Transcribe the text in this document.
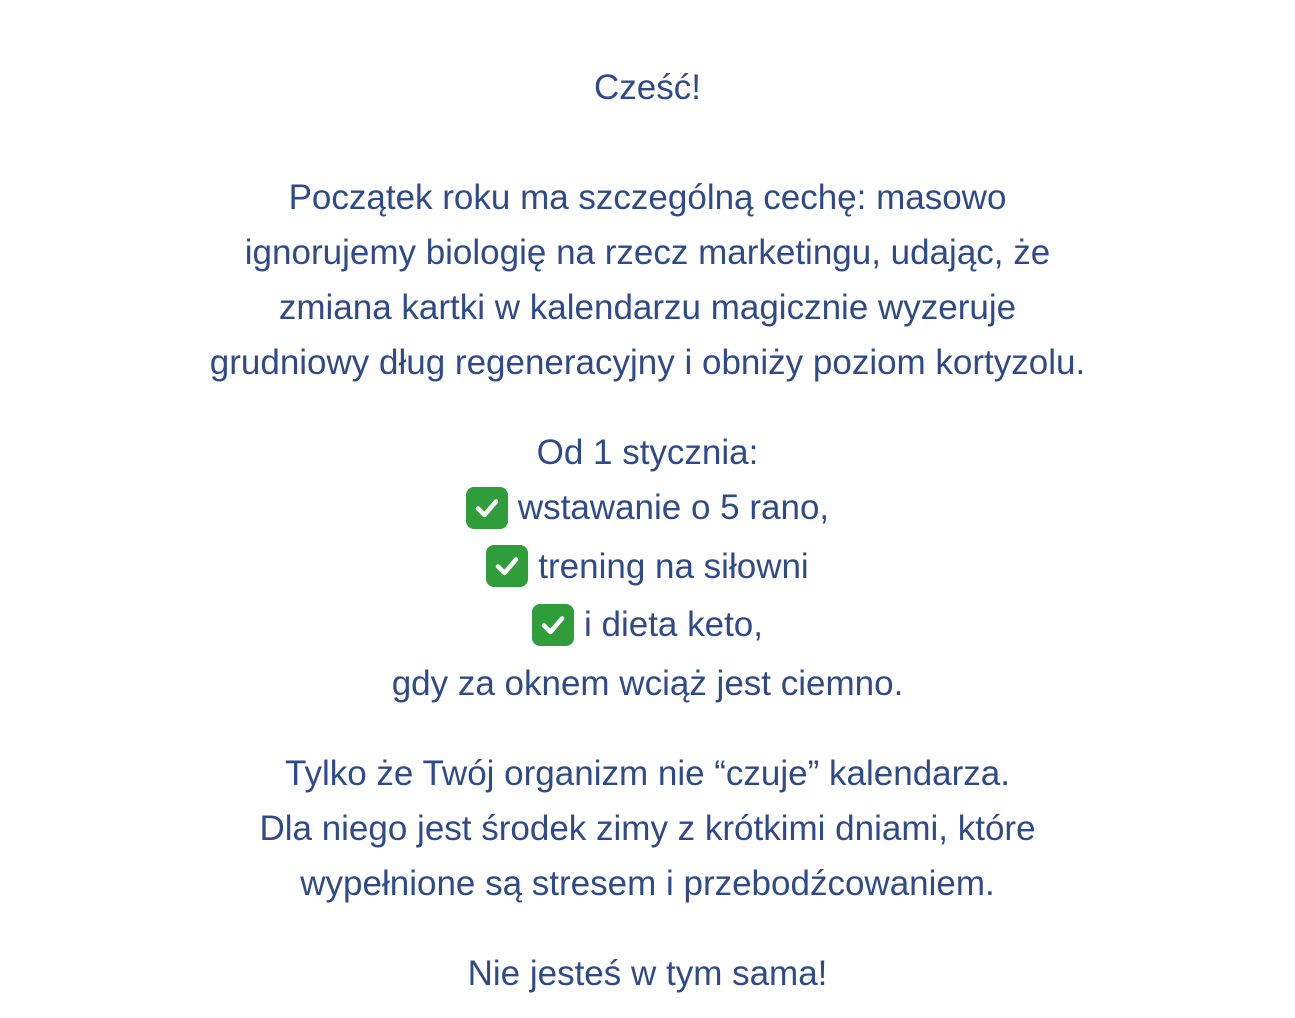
Cześć!

Początek roku ma szczególną cechę: masowo
ignorujemy biologię na rzecz marketingu, udając, że
zmiana kartki w kalendarzu magicznie wyzeruje
grudniowy dług regeneracyjny i obniży poziom kortyzolu.

Od 1 stycznia:
wstawanie o 5 rano,
trening na siłowni
i dieta keto,
gdy za oknem wciąż jest ciemno.

Tylko że Twój organizm nie “czuje” kalendarza.
Dla niego jest środek zimy z krótkimi dniami, które
wypełnione są stresem i przebodźcowaniem.

Nie jesteś w tym sama!
